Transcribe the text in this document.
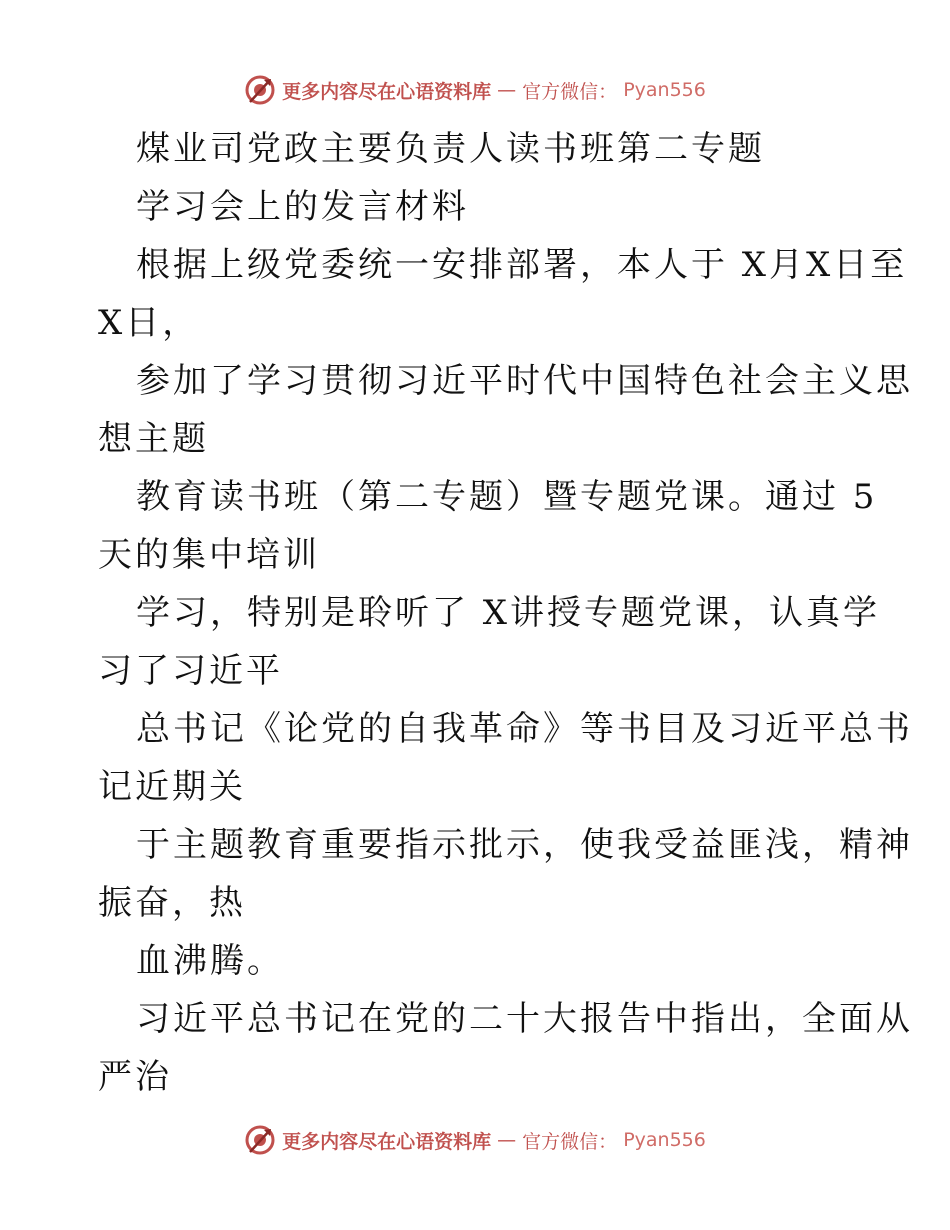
更多内容尽在心语资料库 — 官方微信： Pyan556
煤业司党政主要负责人读书班第二专题
学习会上的发言材料
根据上级党委统一安排部署，本人于 X月X日至
X日，
参加了学习贯彻习近平时代中国特色社会主义思
想主题
教育读书班（第二专题）暨专题党课。通过 5
天的集中培训
学习，特别是聆听了 X讲授专题党课，认真学
习了习近平
总书记《论党的自我革命》等书目及习近平总书
记近期关
于主题教育重要指示批示，使我受益匪浅，精神
振奋，热
血沸腾。
习近平总书记在党的二十大报告中指出，全面从
严治
更多内容尽在心语资料库 — 官方微信： Pyan556
